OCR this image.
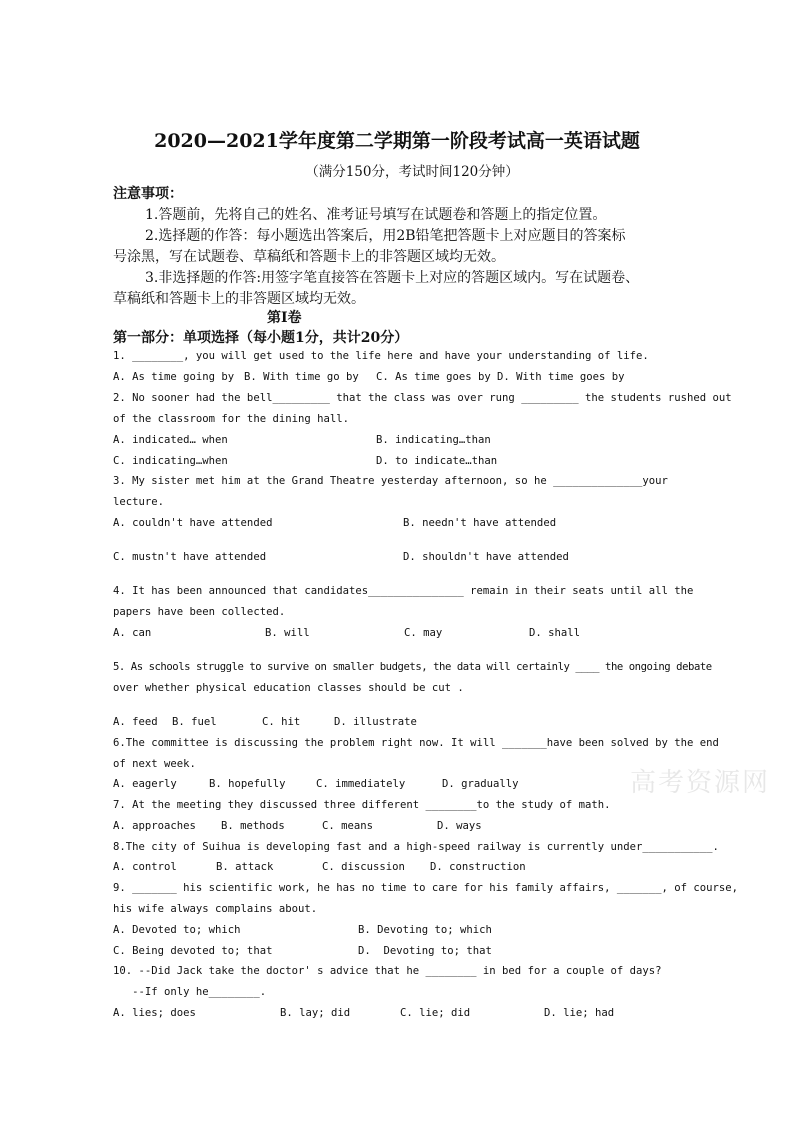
2020—2021学年度第二学期第一阶段考试高一英语试题
（满分150分，考试时间120分钟）
注意事项：
1.答题前，先将自己的姓名、准考证号填写在试题卷和答题上的指定位置。
2.选择题的作答：每小题选出答案后，用2B铅笔把答题卡上对应题目的答案标
号涂黑，写在试题卷、草稿纸和答题卡上的非答题区域均无效。
3.非选择题的作答:用签字笔直接答在答题卡上对应的答题区域内。写在试题卷、
草稿纸和答题卡上的非答题区域均无效。
第Ⅰ卷
第一部分：单项选择（每小题1分，共计20分）
1. ________, you will get used to the life here and have your understanding of life.
A. As time going by B. With time go by C. As time goes by D. With time goes by
2. No sooner had the bell_________ that the class was over rung _________ the students rushed out
of the classroom for the dining hall.
A. indicated… when	B. indicating…than
C. indicating…when	D. to indicate…than
3. My sister met him at the Grand Theatre yesterday afternoon, so he ______________your
lecture.
A. couldn't have attended	B. needn't have attended
C. mustn't have attended	D. shouldn't have attended
4. It has been announced that candidates_______________ remain in their seats until all the
papers have been collected.
A. can	B. will	C. may	D. shall
5. As schools struggle to survive on smaller budgets, the data will certainly ____ the ongoing debate
over whether physical education classes should be cut .
A. feed B. fuel	C. hit	D. illustrate
6.The committee is discussing the problem right now. It will _______have been solved by the end
of next week.
A. eagerly	B. hopefully	C. immediately	D. gradually
7. At the meeting they discussed three different ________to the study of math.
A. approaches B. methods	C. means	D. ways
8.The city of Suihua is developing fast and a high-speed railway is currently under___________.
A. control	B. attack	C. discussion D. construction
9. _______ his scientific work, he has no time to care for his family affairs, _______, of course,
his wife always complains about.
A. Devoted to; which	B. Devoting to; which
C. Being devoted to; that	D.  Devoting to; that
10. --Did Jack take the doctor' s advice that he ________ in bed for a couple of days?
--If only he________.
A. lies; does	B. lay; did	C. lie; did	D. lie; had
高考资源网
